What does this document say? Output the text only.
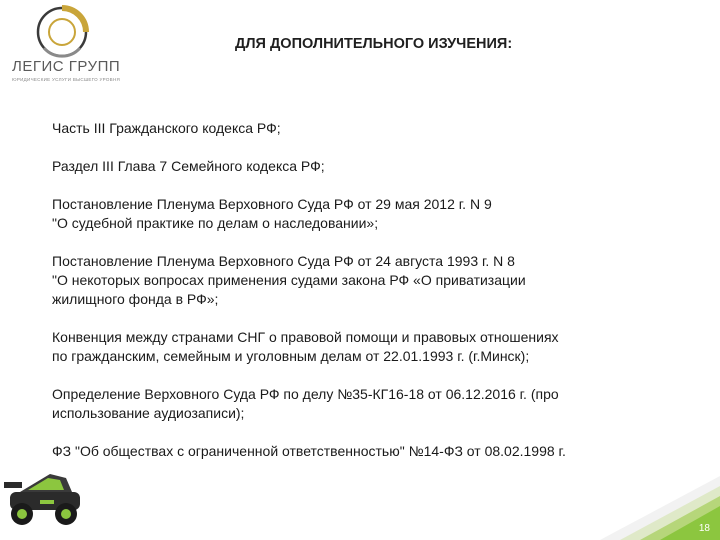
ЛЕГИС ГРУПП
ЮРИДИЧЕСКИЕ УСЛУГИ ВЫСШЕГО УРОВНЯ
ДЛЯ ДОПОЛНИТЕЛЬНОГО ИЗУЧЕНИЯ:
Часть III Гражданского кодекса РФ;
Раздел III Глава 7 Семейного кодекса РФ;
Постановление Пленума Верховного Суда РФ от 29 мая 2012 г. N 9
"О судебной практике по делам о наследовании»;
Постановление Пленума Верховного Суда РФ от 24 августа 1993 г. N 8
"О некоторых вопросах применения судами закона РФ «О приватизации
жилищного фонда в РФ»;
Конвенция между странами СНГ о правовой помощи и правовых отношениях
по гражданским, семейным и уголовным делам от 22.01.1993 г. (г.Минск);
Определение Верховного Суда РФ по делу №35-КГ16-18 от 06.12.2016 г. (про
использование аудиозаписи);
ФЗ "Об обществах с ограниченной ответственностью" №14-ФЗ от 08.02.1998 г.
18
